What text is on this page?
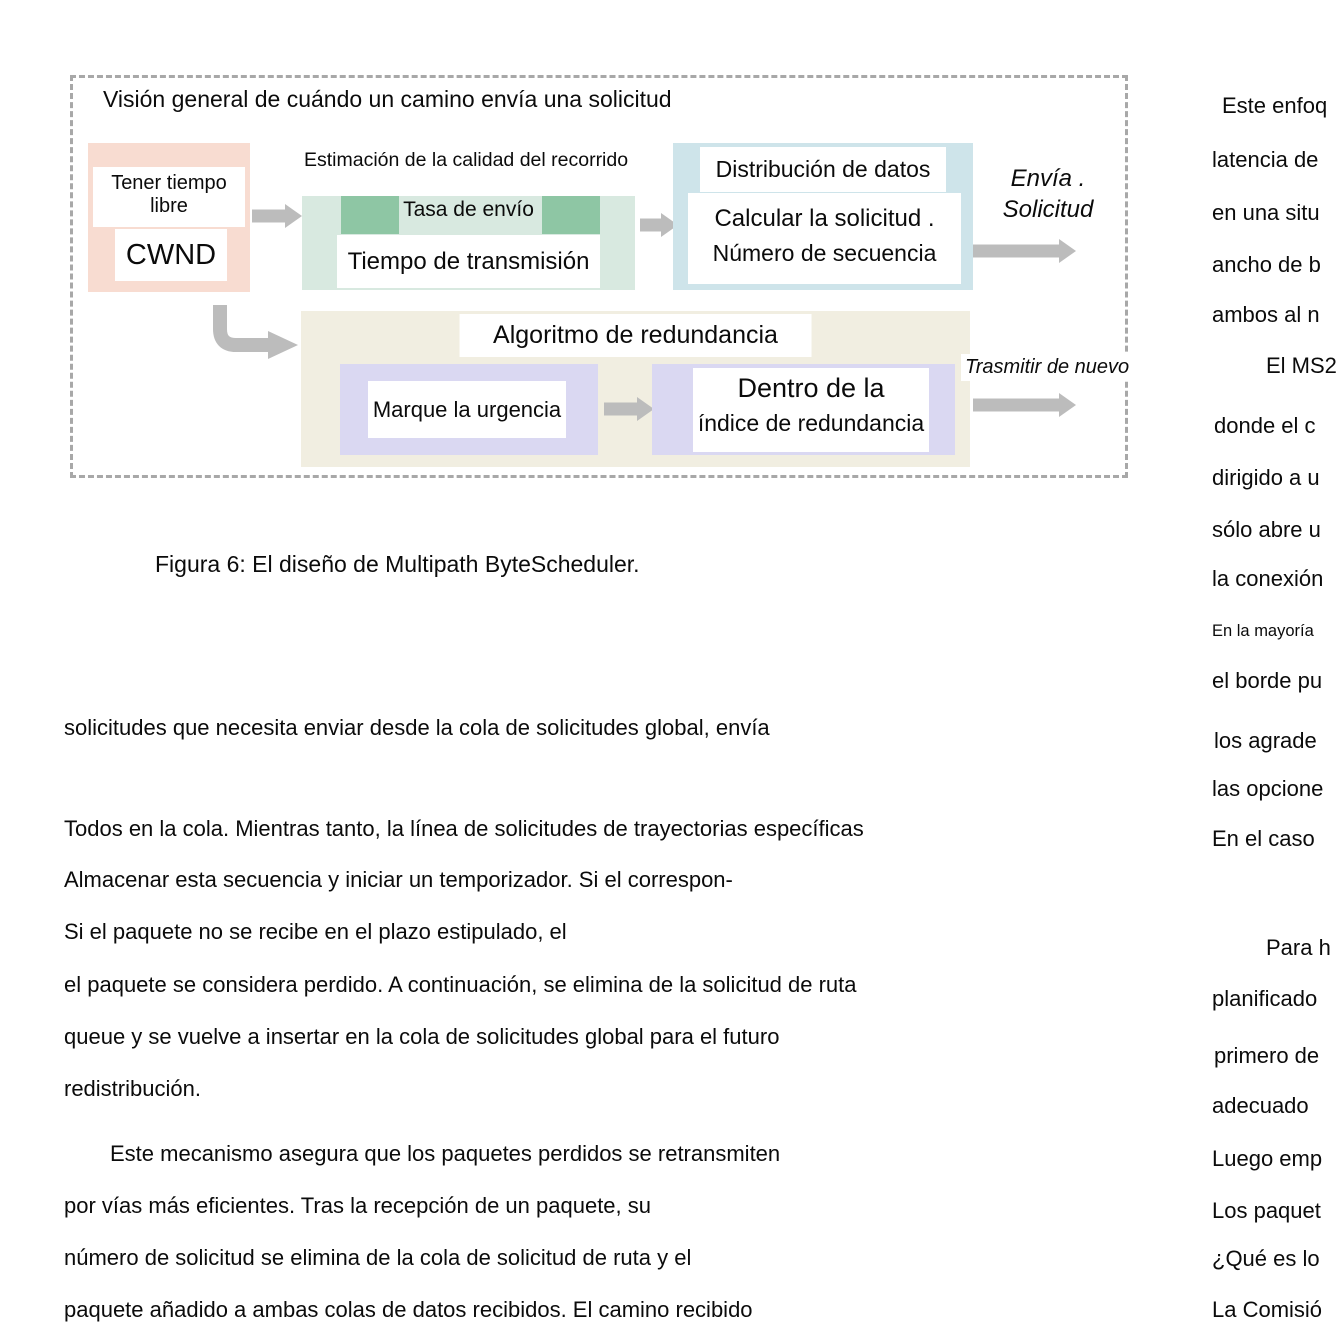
Visión general de cuándo un camino envía una solicitud
Tener tiempo libre
CWND
Estimación de la calidad del recorrido
Tasa de envío
Tiempo de transmisión
Distribución de datos
Calcular la solicitud .
Número de secuencia
Envía .
Solicitud
Algoritmo de redundancia
Marque la urgencia
Dentro de la
índice de redundancia
Trasmitir de nuevo
Figura 6: El diseño de Multipath ByteScheduler.
solicitudes que necesita enviar desde la cola de solicitudes global, envía
Todos en la cola. Mientras tanto, la línea de solicitudes de trayectorias específicas
Almacenar esta secuencia y iniciar un temporizador. Si el correspon-
Si el paquete no se recibe en el plazo estipulado, el
el paquete se considera perdido. A continuación, se elimina de la solicitud de ruta
queue y se vuelve a insertar en la cola de solicitudes global para el futuro
redistribución.
Este mecanismo asegura que los paquetes perdidos se retransmiten
por vías más eficientes. Tras la recepción de un paquete, su
número de solicitud se elimina de la cola de solicitud de ruta y el
paquete añadido a ambas colas de datos recibidos. El camino recibido
Este enfoq
latencia de
en una situ
ancho de b
ambos al n
El MS2
donde el c
dirigido a u
sólo abre u
la conexión
En la mayoría
el borde pu
los agrade
las opcione
En el caso
Para h
planificado
primero de
adecuado
Luego emp
Los paquet
¿Qué es lo
La Comisió
